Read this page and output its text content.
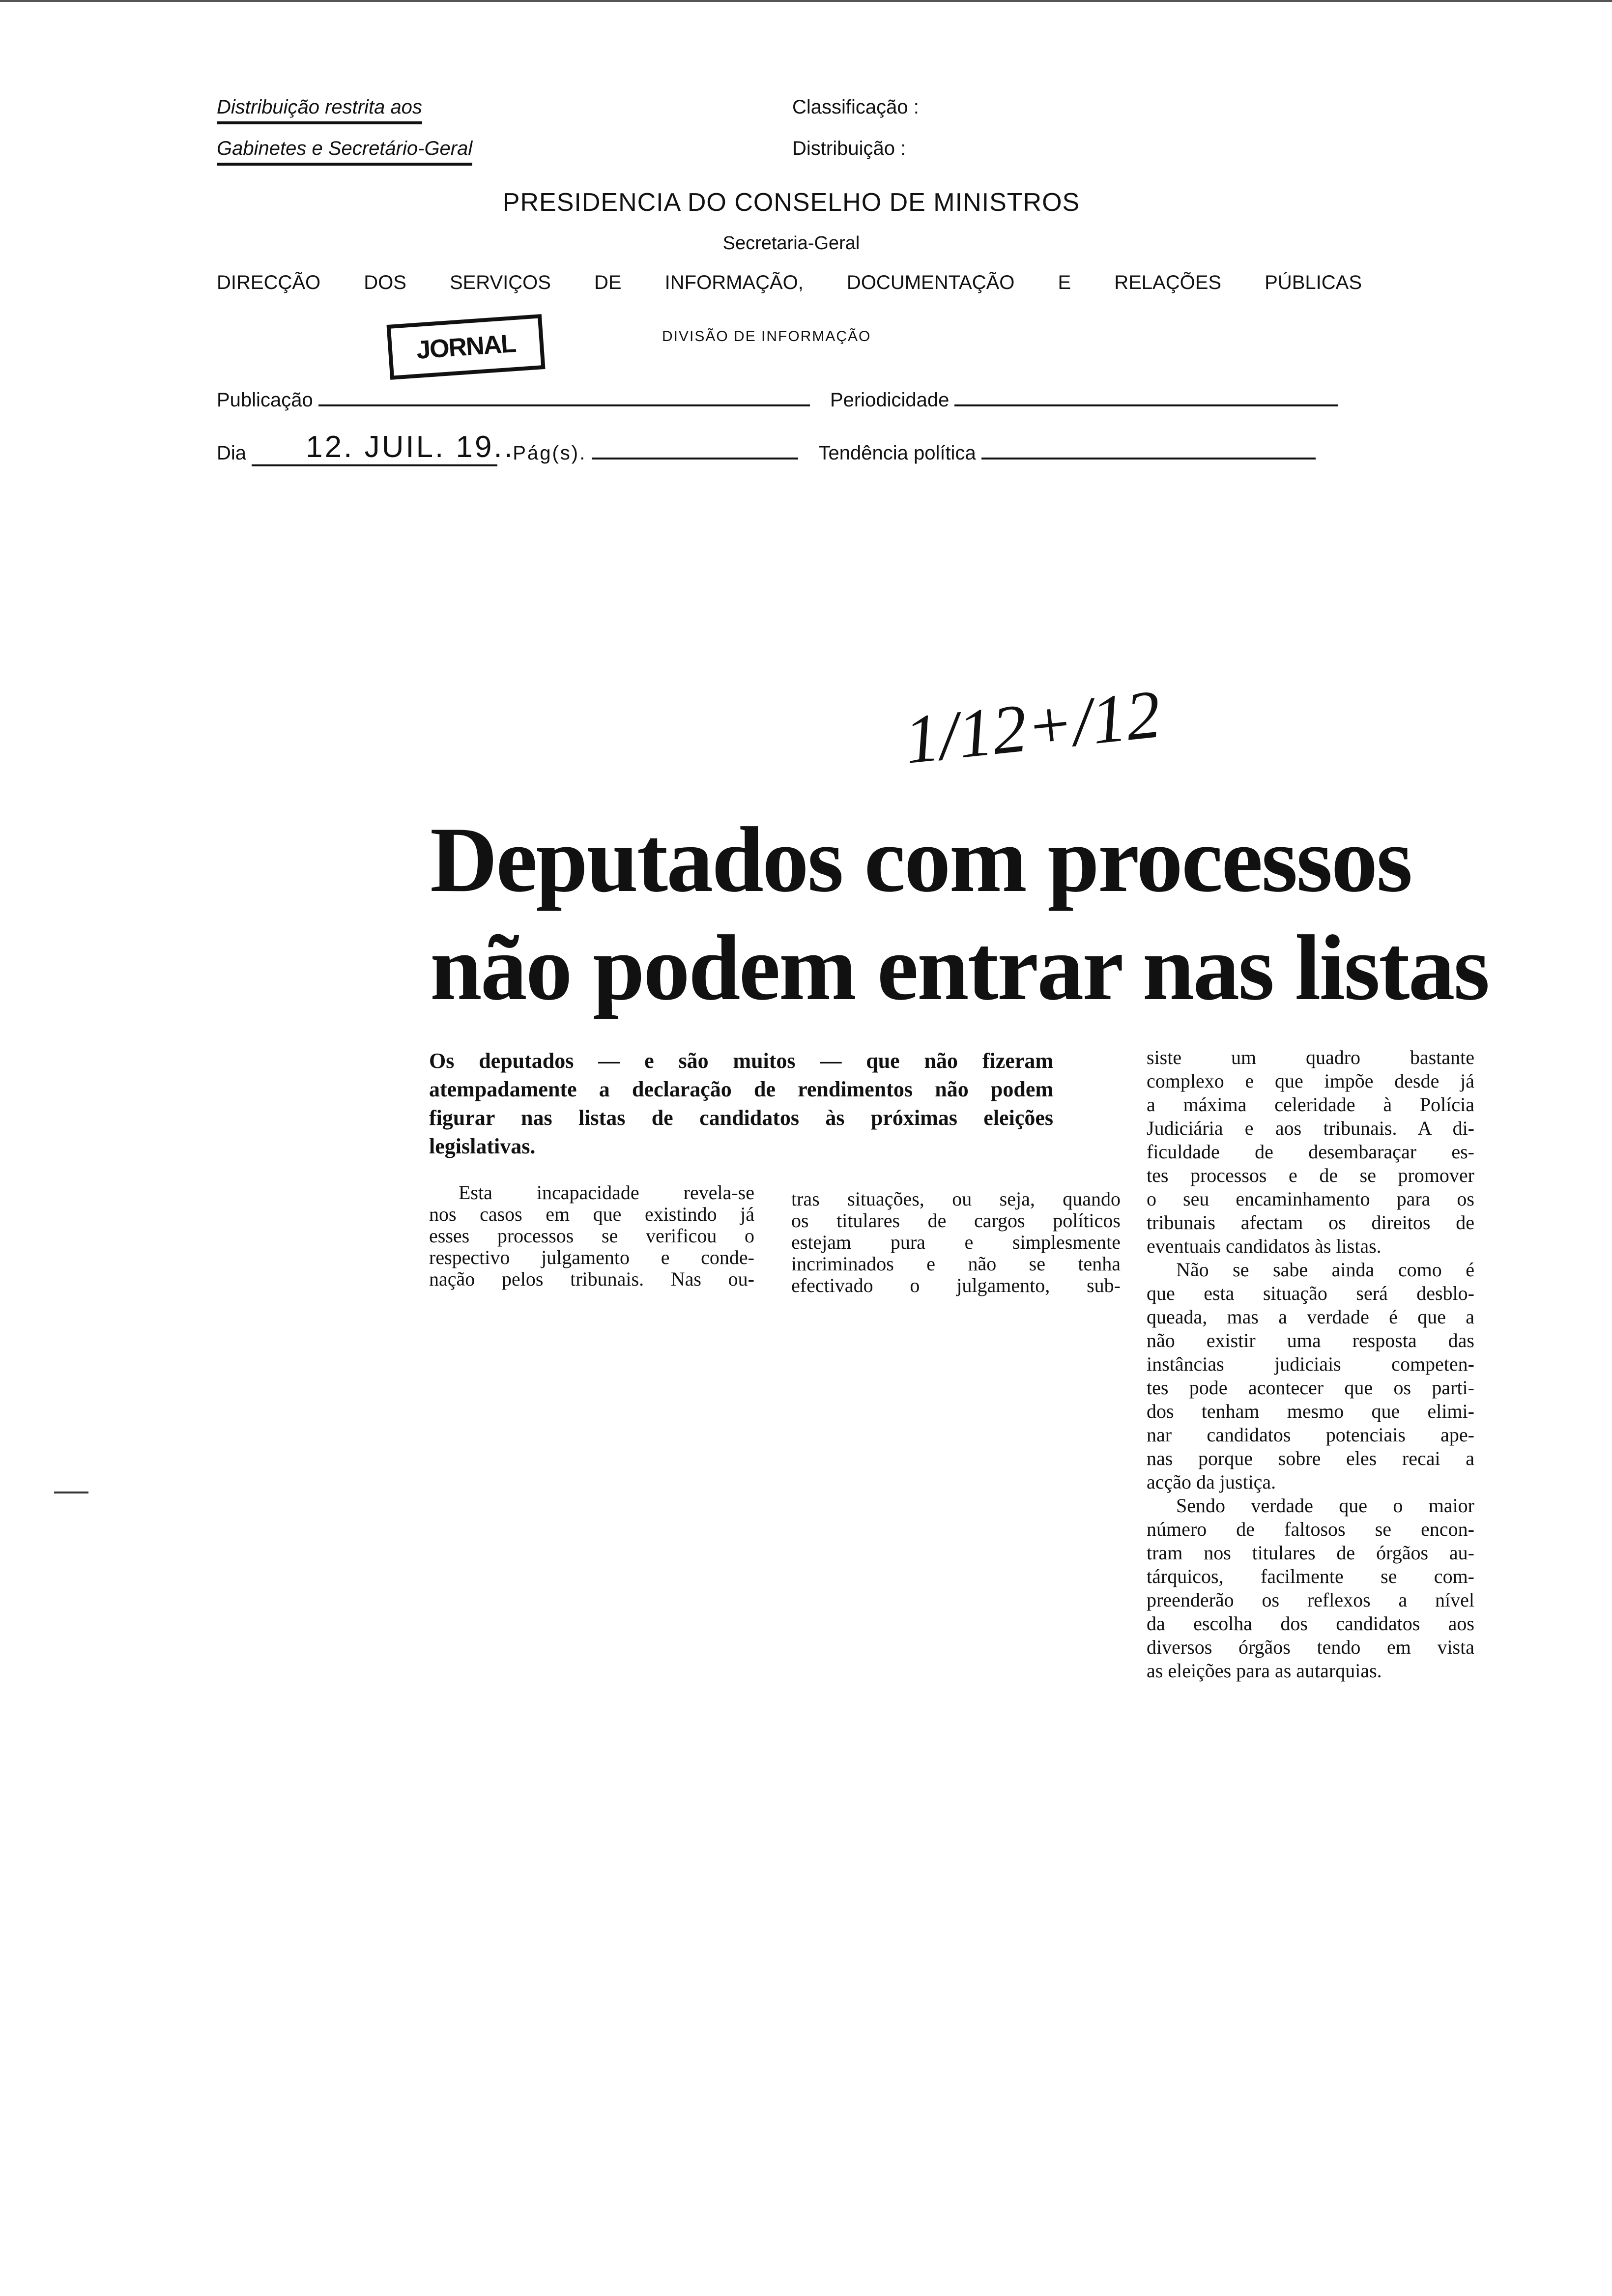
Distribuição restrita aos
Gabinetes e Secretário-Geral
Classificação :
Distribuição :
PRESIDENCIA DO CONSELHO DE MINISTROS
Secretaria-Geral
DIRECÇÃO  DOS  SERVIÇOS  DE  INFORMAÇÃO,  DOCUMENTAÇÃO  E  RELAÇÕES  PÚBLICAS
DIVISÃO DE INFORMAÇÃO
JORNAL
Publicação	Periodicidade
Dia 12. JUIL. 19..
Pág(s).	Tendência política
1/12+/12
Deputados com processos
não podem entrar nas listas
Os deputados — e são muitos — que não fizeram
atempadamente a declaração de rendimentos não podem
figurar nas listas de candidatos às próximas eleições
legislativas.
Esta incapacidade revela-se
nos casos em que existindo já
esses processos se verificou o
respectivo julgamento e conde-
nação pelos tribunais. Nas ou-
tras situações, ou seja, quando
os titulares de cargos políticos
estejam pura e simplesmente
incriminados e não se tenha
efectivado o julgamento, sub-
siste um quadro bastante
complexo e que impõe desde já
a máxima celeridade à Polícia
Judiciária e aos tribunais. A di-
ficuldade de desembaraçar es-
tes processos e de se promover
o seu encaminhamento para os
tribunais afectam os direitos de
eventuais candidatos às listas.
Não se sabe ainda como é
que esta situação será desblo-
queada, mas a verdade é que a
não existir uma resposta das
instâncias judiciais competen-
tes pode acontecer que os parti-
dos tenham mesmo que elimi-
nar candidatos potenciais ape-
nas porque sobre eles recai a
acção da justiça.
Sendo verdade que o maior
número de faltosos se encon-
tram nos titulares de órgãos au-
tárquicos, facilmente se com-
preenderão os reflexos a nível
da escolha dos candidatos aos
diversos órgãos tendo em vista
as eleições para as autarquias.
